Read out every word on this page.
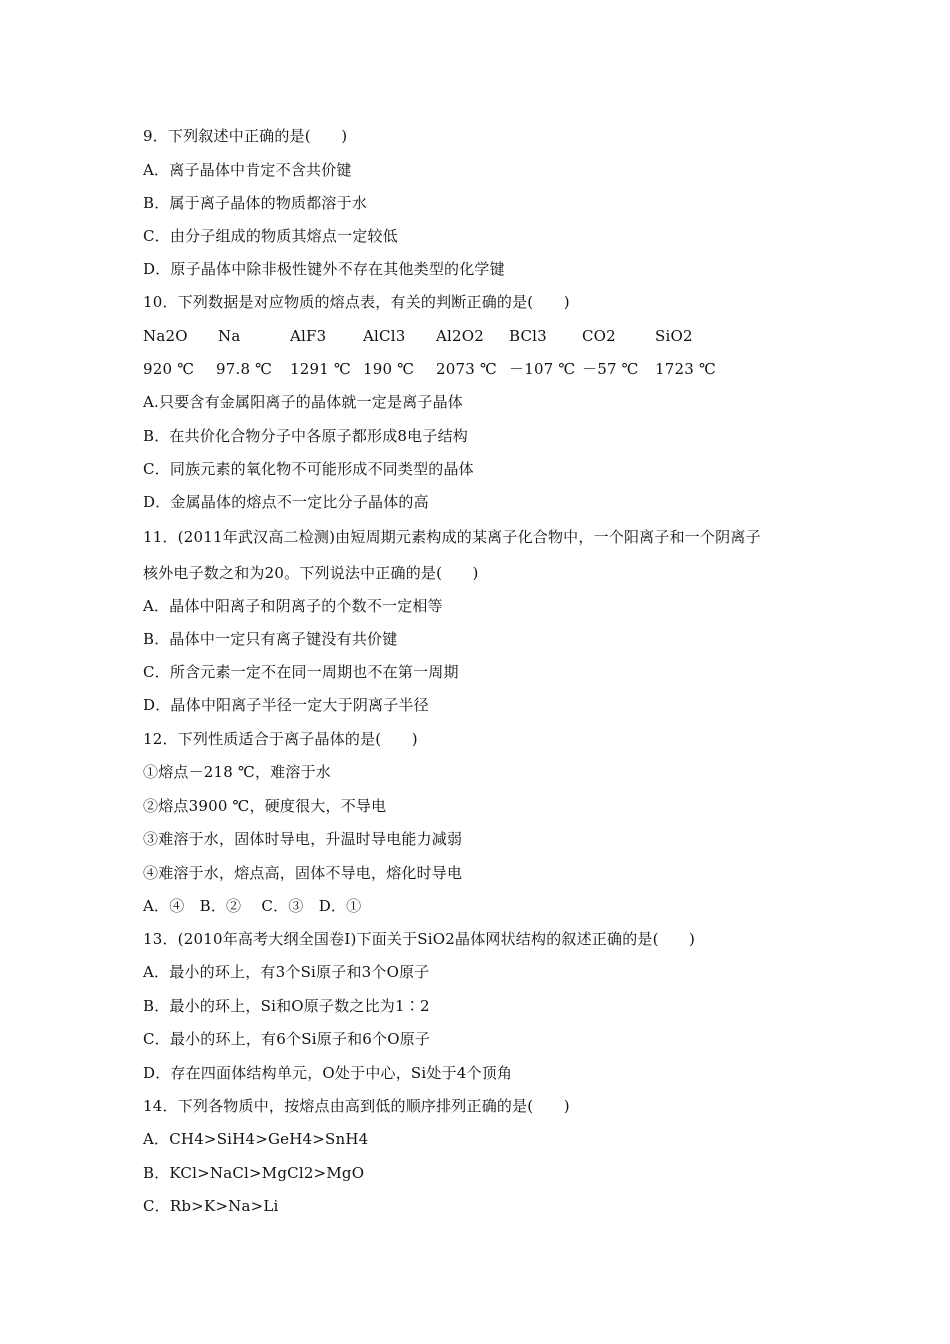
9．下列叙述中正确的是(　　)
A．离子晶体中肯定不含共价键
B．属于离子晶体的物质都溶于水
C．由分子组成的物质其熔点一定较低
D．原子晶体中除非极性键外不存在其他类型的化学键
10．下列数据是对应物质的熔点表，有关的判断正确的是(　　)
Na2O Na	AlF3 AlCl3 Al2O2 BCl3 CO2	SiO2
920 ℃ 97.8 ℃ 1291 ℃ 190 ℃ 2073 ℃ －107 ℃ －57 ℃ 1723 ℃
A.只要含有金属阳离子的晶体就一定是离子晶体
B．在共价化合物分子中各原子都形成8电子结构
C．同族元素的氧化物不可能形成不同类型的晶体
D．金属晶体的熔点不一定比分子晶体的高
11．(2011年武汉高二检测)由短周期元素构成的某离子化合物中，一个阳离子和一个阴离子
核外电子数之和为20。下列说法中正确的是(　　)
A．晶体中阳离子和阴离子的个数不一定相等
B．晶体中一定只有离子键没有共价键
C．所含元素一定不在同一周期也不在第一周期
D．晶体中阳离子半径一定大于阴离子半径
12．下列性质适合于离子晶体的是(　　)
①熔点－218 ℃，难溶于水
②熔点3900 ℃，硬度很大，不导电
③难溶于水，固体时导电，升温时导电能力减弱
④难溶于水，熔点高，固体不导电，熔化时导电
A．④　B．②　 C．③　D．①
13．(2010年高考大纲全国卷Ⅰ)下面关于SiO2晶体网状结构的叙述正确的是(　　)
A．最小的环上，有3个Si原子和3个O原子
B．最小的环上，Si和O原子数之比为1∶2
C．最小的环上，有6个Si原子和6个O原子
D．存在四面体结构单元，O处于中心，Si处于4个顶角
14．下列各物质中，按熔点由高到低的顺序排列正确的是(　　)
A．CH4>SiH4>GeH4>SnH4
B．KCl>NaCl>MgCl2>MgO
C．Rb>K>Na>Li
